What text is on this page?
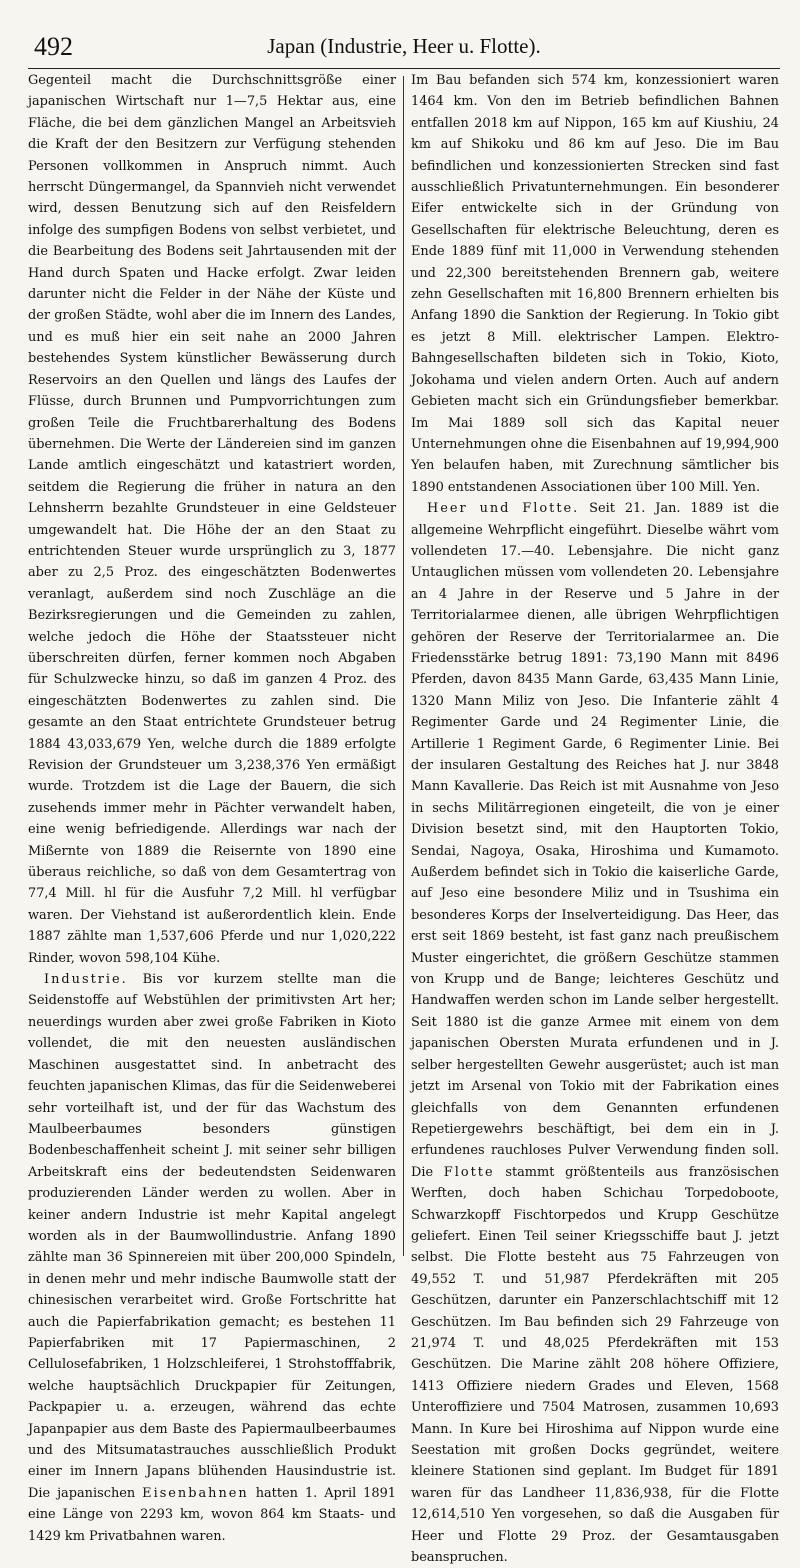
492	Japan (Industrie, Heer u. Flotte).

Gegenteil macht die Durchschnittsgröße einer japanischen Wirtschaft nur 1—7,5 Hektar aus, eine Fläche, die bei dem gänzlichen Mangel an Arbeitsvieh die Kraft der den Besitzern zur Verfügung stehenden Personen vollkommen in Anspruch nimmt. Auch herrscht Düngermangel, da Spannvieh nicht verwendet wird, dessen Benutzung sich auf den Reisfeldern infolge des sumpfigen Bodens von selbst verbietet, und die Bearbeitung des Bodens seit Jahrtausenden mit der Hand durch Spaten und Hacke erfolgt. Zwar leiden darunter nicht die Felder in der Nähe der Küste und der großen Städte, wohl aber die im Innern des Landes, und es muß hier ein seit nahe an 2000 Jahren bestehendes System künstlicher Bewässerung durch Reservoirs an den Quellen und längs des Laufes der Flüsse, durch Brunnen und Pumpvorrichtungen zum großen Teile die Fruchtbarerhaltung des Bodens übernehmen. Die Werte der Ländereien sind im ganzen Lande amtlich eingeschätzt und katastriert worden, seitdem die Regierung die früher in natura an den Lehnsherrn bezahlte Grundsteuer in eine Geldsteuer umgewandelt hat. Die Höhe der an den Staat zu entrichtenden Steuer wurde ursprünglich zu 3, 1877 aber zu 2,5 Proz. des eingeschätzten Bodenwertes veranlagt, außerdem sind noch Zuschläge an die Bezirksregierungen und die Gemeinden zu zahlen, welche jedoch die Höhe der Staatssteuer nicht überschreiten dürfen, ferner kommen noch Abgaben für Schulzwecke hinzu, so daß im ganzen 4 Proz. des eingeschätzten Bodenwertes zu zahlen sind. Die gesamte an den Staat entrichtete Grundsteuer betrug 1884 43,033,679 Yen, welche durch die 1889 erfolgte Revision der Grundsteuer um 3,238,376 Yen ermäßigt wurde. Trotzdem ist die Lage der Bauern, die sich zusehends immer mehr in Pächter verwandelt haben, eine wenig befriedigende. Allerdings war nach der Mißernte von 1889 die Reisernte von 1890 eine überaus reichliche, so daß von dem Gesamtertrag von 77,4 Mill. hl für die Ausfuhr 7,2 Mill. hl verfügbar waren. Der Viehstand ist außerordentlich klein. Ende 1887 zählte man 1,537,606 Pferde und nur 1,020,222 Rinder, wovon 598,104 Kühe.

Industrie. Bis vor kurzem stellte man die Seidenstoffe auf Webstühlen der primitivsten Art her; neuerdings wurden aber zwei große Fabriken in Kioto vollendet, die mit den neuesten ausländischen Maschinen ausgestattet sind. In anbetracht des feuchten japanischen Klimas, das für die Seidenweberei sehr vorteilhaft ist, und der für das Wachstum des Maulbeerbaumes besonders günstigen Bodenbeschaffenheit scheint J. mit seiner sehr billigen Arbeitskraft eins der bedeutendsten Seidenwaren produzierenden Länder werden zu wollen. Aber in keiner andern Industrie ist mehr Kapital angelegt worden als in der Baumwollindustrie. Anfang 1890 zählte man 36 Spinnereien mit über 200,000 Spindeln, in denen mehr und mehr indische Baumwolle statt der chinesischen verarbeitet wird. Große Fortschritte hat auch die Papierfabrikation gemacht; es bestehen 11 Papierfabriken mit 17 Papiermaschinen, 2 Cellulosefabriken, 1 Holzschleiferei, 1 Strohstofffabrik, welche hauptsächlich Druckpapier für Zeitungen, Packpapier u. a. erzeugen, während das echte Japanpapier aus dem Baste des Papiermaulbeerbaumes und des Mitsumatastrauches ausschließlich Produkt einer im Innern Japans blühenden Hausindustrie ist. Die japanischen Eisenbahnen hatten 1. April 1891 eine Länge von 2293 km, wovon 864 km Staats- und 1429 km Privatbahnen waren.

Im Bau befanden sich 574 km, konzessioniert waren 1464 km. Von den im Betrieb befindlichen Bahnen entfallen 2018 km auf Nippon, 165 km auf Kiushiu, 24 km auf Shikoku und 86 km auf Jeso. Die im Bau befindlichen und konzessionierten Strecken sind fast ausschließlich Privatunternehmungen. Ein besonderer Eifer entwickelte sich in der Gründung von Gesellschaften für elektrische Beleuchtung, deren es Ende 1889 fünf mit 11,000 in Verwendung stehenden und 22,300 bereitstehenden Brennern gab, weitere zehn Gesellschaften mit 16,800 Brennern erhielten bis Anfang 1890 die Sanktion der Regierung. In Tokio gibt es jetzt 8 Mill. elektrischer Lampen. Elektro-Bahngesellschaften bildeten sich in Tokio, Kioto, Jokohama und vielen andern Orten. Auch auf andern Gebieten macht sich ein Gründungsfieber bemerkbar. Im Mai 1889 soll sich das Kapital neuer Unternehmungen ohne die Eisenbahnen auf 19,994,900 Yen belaufen haben, mit Zurechnung sämtlicher bis 1890 entstandenen Associationen über 100 Mill. Yen.

Heer und Flotte. Seit 21. Jan. 1889 ist die allgemeine Wehrpflicht eingeführt. Dieselbe währt vom vollendeten 17.—40. Lebensjahre. Die nicht ganz Untauglichen müssen vom vollendeten 20. Lebensjahre an 4 Jahre in der Reserve und 5 Jahre in der Territorialarmee dienen, alle übrigen Wehrpflichtigen gehören der Reserve der Territorialarmee an. Die Friedensstärke betrug 1891: 73,190 Mann mit 8496 Pferden, davon 8435 Mann Garde, 63,435 Mann Linie, 1320 Mann Miliz von Jeso. Die Infanterie zählt 4 Regimenter Garde und 24 Regimenter Linie, die Artillerie 1 Regiment Garde, 6 Regimenter Linie. Bei der insularen Gestaltung des Reiches hat J. nur 3848 Mann Kavallerie. Das Reich ist mit Ausnahme von Jeso in sechs Militärregionen eingeteilt, die von je einer Division besetzt sind, mit den Hauptorten Tokio, Sendai, Nagoya, Osaka, Hiroshima und Kumamoto. Außerdem befindet sich in Tokio die kaiserliche Garde, auf Jeso eine besondere Miliz und in Tsushima ein besonderes Korps der Inselverteidigung. Das Heer, das erst seit 1869 besteht, ist fast ganz nach preußischem Muster eingerichtet, die größern Geschütze stammen von Krupp und de Bange; leichteres Geschütz und Handwaffen werden schon im Lande selber hergestellt. Seit 1880 ist die ganze Armee mit einem von dem japanischen Obersten Murata erfundenen und in J. selber hergestellten Gewehr ausgerüstet; auch ist man jetzt im Arsenal von Tokio mit der Fabrikation eines gleichfalls von dem Genannten erfundenen Repetiergewehrs beschäftigt, bei dem ein in J. erfundenes rauchloses Pulver Verwendung finden soll. Die Flotte stammt größtenteils aus französischen Werften, doch haben Schichau Torpedoboote, Schwarzkopff Fischtorpedos und Krupp Geschütze geliefert. Einen Teil seiner Kriegsschiffe baut J. jetzt selbst. Die Flotte besteht aus 75 Fahrzeugen von 49,552 T. und 51,987 Pferdekräften mit 205 Geschützen, darunter ein Panzerschlachtschiff mit 12 Geschützen. Im Bau befinden sich 29 Fahrzeuge von 21,974 T. und 48,025 Pferdekräften mit 153 Geschützen. Die Marine zählt 208 höhere Offiziere, 1413 Offiziere niedern Grades und Eleven, 1568 Unteroffiziere und 7504 Matrosen, zusammen 10,693 Mann. In Kure bei Hiroshima auf Nippon wurde eine Seestation mit großen Docks gegründet, weitere kleinere Stationen sind geplant. Im Budget für 1891 waren für das Landheer 11,836,938, für die Flotte 12,614,510 Yen vorgesehen, so daß die Ausgaben für Heer und Flotte 29 Proz. der Gesamtausgaben beanspruchen.
